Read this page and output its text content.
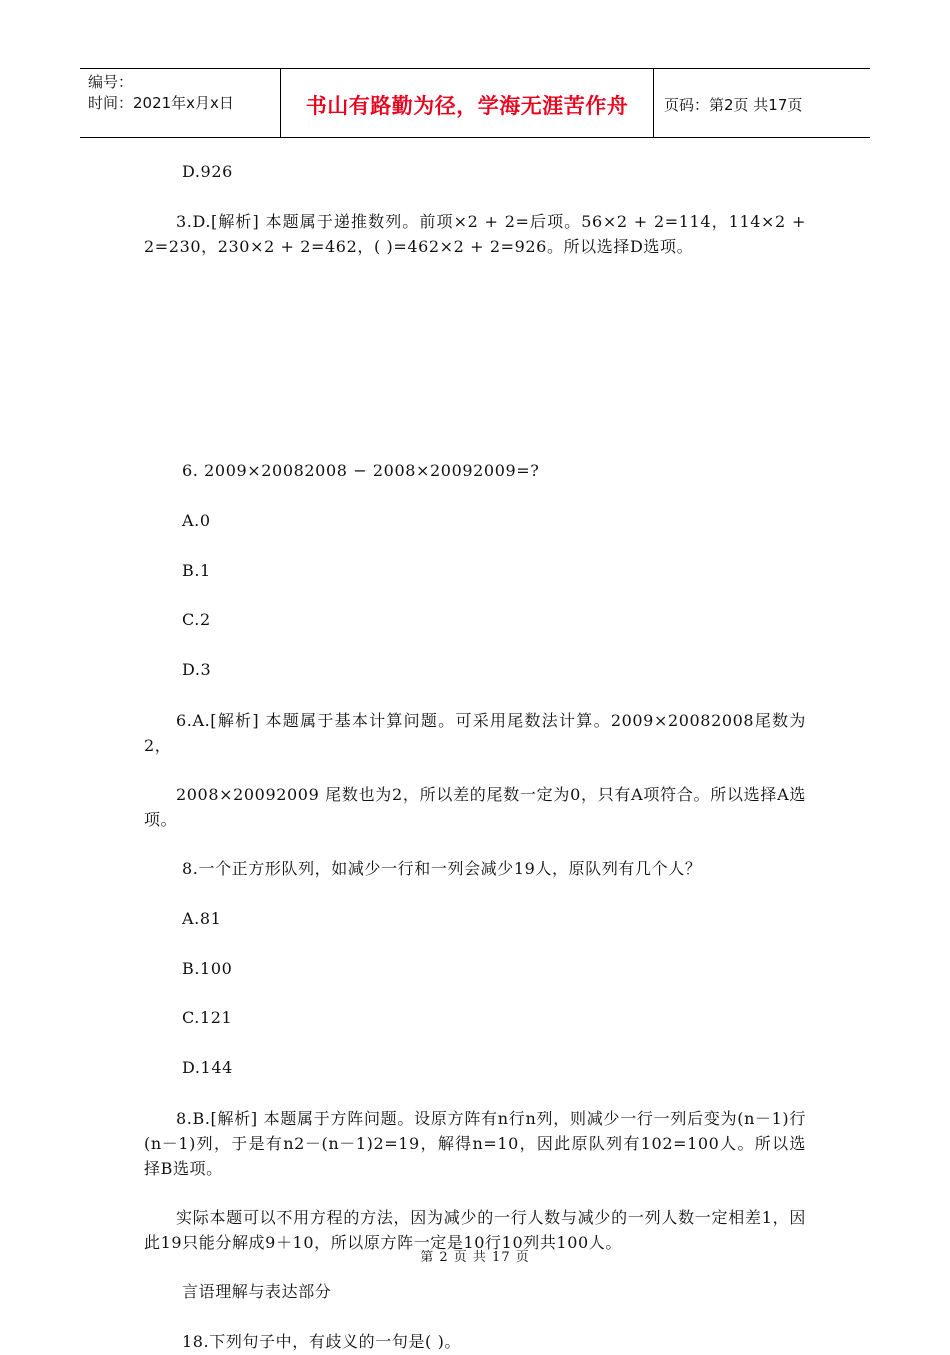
编号：
时间：2021年x月x日	书山有路勤为径，学海无涯苦作舟	页码：第2页 共17页
D.926
3.D.[解析] 本题属于递推数列。前项×2 + 2=后项。56×2 + 2=114，114×2 + 2=230，230×2 + 2=462，( )=462×2 + 2=926。所以选择D选项。
6. 2009×20082008 − 2008×20092009=?
A.0
B.1
C.2
D.3
6.A.[解析] 本题属于基本计算问题。可采用尾数法计算。2009×20082008尾数为2，
2008×20092009 尾数也为2，所以差的尾数一定为0，只有A项符合。所以选择A选项。
8.一个正方形队列，如减少一行和一列会减少19人，原队列有几个人？
A.81
B.100
C.121
D.144
8.B.[解析] 本题属于方阵问题。设原方阵有n行n列，则减少一行一列后变为(n－1)行(n－1)列，于是有n2－(n－1)2=19，解得n=10，因此原队列有102=100人。所以选择B选项。
实际本题可以不用方程的方法，因为减少的一行人数与减少的一列人数一定相差1，因此19只能分解成9＋10，所以原方阵一定是10行10列共100人。
言语理解与表达部分
18.下列句子中，有歧义的一句是( )。
第 2 页 共 17 页
